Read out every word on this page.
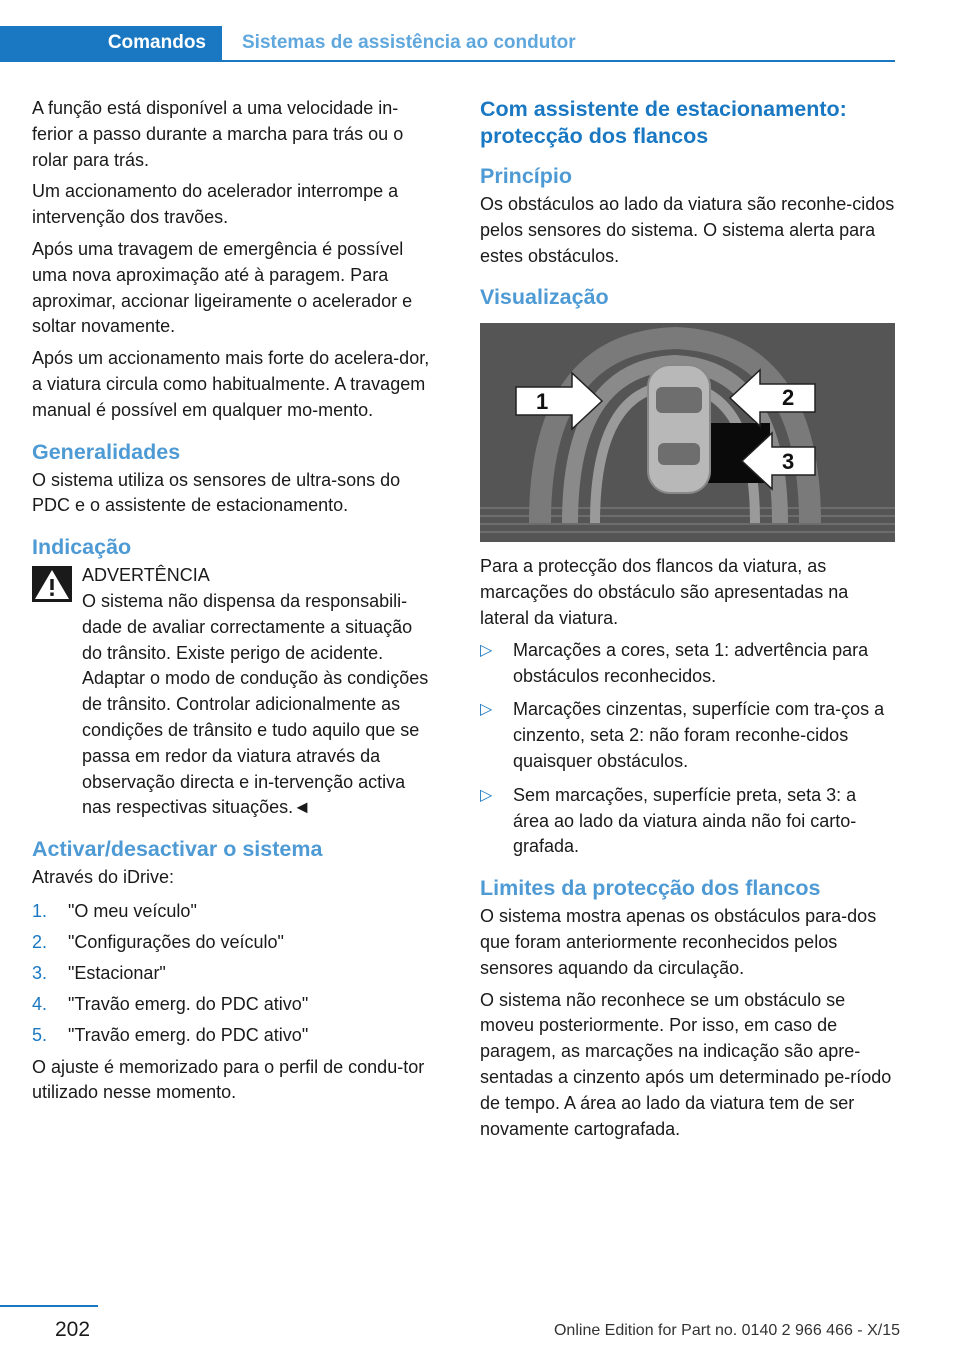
Comandos	Sistemas de assistência ao condutor

A função está disponível a uma velocidade in-ferior a passo durante a marcha para trás ou o rolar para trás.

Um accionamento do acelerador interrompe a intervenção dos travões.

Após uma travagem de emergência é possível uma nova aproximação até à paragem. Para aproximar, accionar ligeiramente o acelerador e soltar novamente.

Após um accionamento mais forte do acelera-dor, a viatura circula como habitualmente. A travagem manual é possível em qualquer mo-mento.

Generalidades

O sistema utiliza os sensores de ultra-sons do PDC e o assistente de estacionamento.

Indicação
ADVERTÊNCIA

O sistema não dispensa da responsabili-dade de avaliar correctamente a situação do trânsito. Existe perigo de acidente. Adaptar o modo de condução às condições de trânsito. Controlar adicionalmente as condições de trânsito e tudo aquilo que se passa em redor da viatura através da observação directa e in-tervenção activa nas respectivas situações.◄

Activar/desactivar o sistema

Através do iDrive:

1. "O meu veículo"
2. "Configurações do veículo"
3. "Estacionar"
4. "Travão emerg. do PDC ativo"
5. "Travão emerg. do PDC ativo"

O ajuste é memorizado para o perfil de condu-tor utilizado nesse momento.

Com assistente de estacionamento: protecção dos flancos
Princípio

Os obstáculos ao lado da viatura são reconhe-cidos pelos sensores do sistema. O sistema alerta para estes obstáculos.

Visualização
1	2
3

Para a protecção dos flancos da viatura, as marcações do obstáculo são apresentadas na lateral da viatura.

▷ Marcações a cores, seta 1: advertência para obstáculos reconhecidos.
▷ Marcações cinzentas, superfície com tra-ços a cinzento, seta 2: não foram reconhe-cidos quaisquer obstáculos.
▷ Sem marcações, superfície preta, seta 3: a área ao lado da viatura ainda não foi carto-grafada.
Limites da protecção dos flancos

O sistema mostra apenas os obstáculos para-dos que foram anteriormente reconhecidos pelos sensores aquando da circulação.

O sistema não reconhece se um obstáculo se moveu posteriormente. Por isso, em caso de paragem, as marcações na indicação são apre-sentadas a cinzento após um determinado pe-ríodo de tempo. A área ao lado da viatura tem de ser novamente cartografada.

202	Online Edition for Part no. 0140 2 966 466 - X/15
